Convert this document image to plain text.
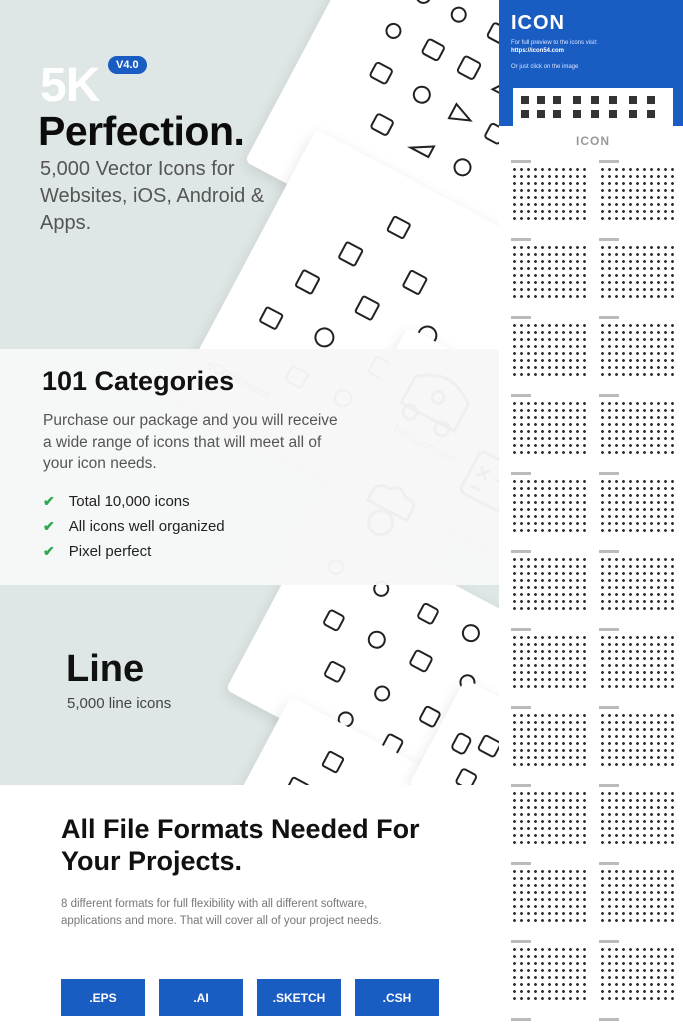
5K	V4.0
Perfection.
5,000 Vector Icons for Websites, iOS, Android & Apps.
101 Categories
Purchase our package and you will receive a wide range of icons that will meet all of your icon needs.
✔ Total 10,000 icons
✔ All icons well organized
✔ Pixel perfect
Line
5,000 line icons
All File Formats Needed For Your Projects.
8 different formats for full flexibility with all different software, applications and more. That will cover all of your project needs.
.EPS	.AI	.SKETCH	.CSH
ICON
For full preview to the icons visit:
https://icon54.com
Or just click on the image
ICON
